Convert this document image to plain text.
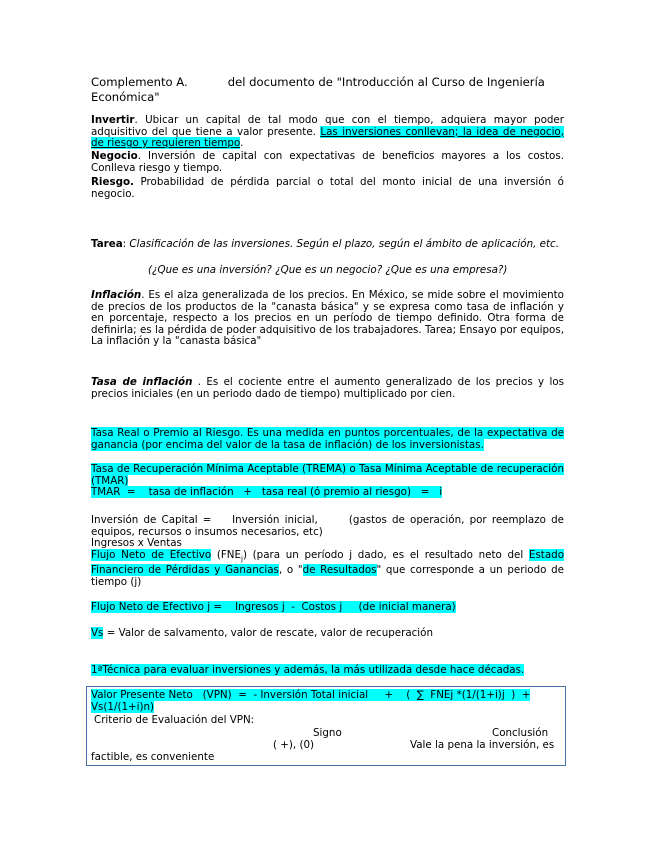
Complemento A.	del documento de "Introducción al Curso de Ingeniería Económica"
Invertir. Ubicar un capital de tal modo que con el tiempo, adquiera mayor poder adquisitivo del que tiene a valor presente. Las inversiones conllevan; la idea de negocio, de riesgo y requieren tiempo.
Negocio. Inversión de capital con expectativas de beneficios mayores a los costos. Conlleva riesgo y tiempo.
Riesgo. Probabilidad de pérdida parcial o total del monto inicial de una inversión ó negocio.
Tarea: Clasificación de las inversiones. Según el plazo, según el ámbito de aplicación, etc.
(¿Que es una inversión? ¿Que es un negocio? ¿Que es una empresa?)
Inflación. Es el alza generalizada de los precios. En México, se mide sobre el movimiento de precios de los productos de la "canasta básica" y se expresa como tasa de inflación y en porcentaje, respecto a los precios en un período de tiempo definido. Otra forma de definirla; es la pérdida de poder adquisitivo de los trabajadores. Tarea; Ensayo por equipos, La inflación y la "canasta básica"
Tasa de inflación . Es el cociente entre el aumento generalizado de los precios y los precios iniciales (en un periodo dado de tiempo) multiplicado por cien.
Tasa Real o Premio al Riesgo. Es una medida en puntos porcentuales, de la expectativa de ganancia (por encima del valor de la tasa de inflación) de los inversionistas.
Tasa de Recuperación Mínima Aceptable (TREMA) o Tasa Mínima Aceptable de recuperación (TMAR)
TMAR  =    tasa de inflación   +   tasa real (ó premio al riesgo)   =   i
Inversión de Capital =    Inversión inicial,      (gastos de operación, por reemplazo de equipos, recursos o insumos necesarios, etc)
Ingresos x Ventas
Flujo Neto de Efectivo $(FNE_j)$ (para un período j dado, es el resultado neto del Estado Financiero de Pérdidas y Ganancias, o "de Resultados" que corresponde a un periodo de tiempo (j)
Flujo Neto de Efectivo j =    Ingresos j  -  Costos j     (de inicial manera)
Vs = Valor de salvamento, valor de rescate, valor de recuperación
1ªTécnica para evaluar inversiones y además, la más utilizada desde hace décadas.
Valor Presente Neto   (VPN)  =  - Inversión Total inicial     +    (  ∑  FNEj *(1/(1+i)j  )  +
Vs(1/(1+i)n)
Criterio de Evaluación del VPN:
Signo	Conclusión
( +), (0)	Vale la pena la inversión, es
factible, es conveniente
